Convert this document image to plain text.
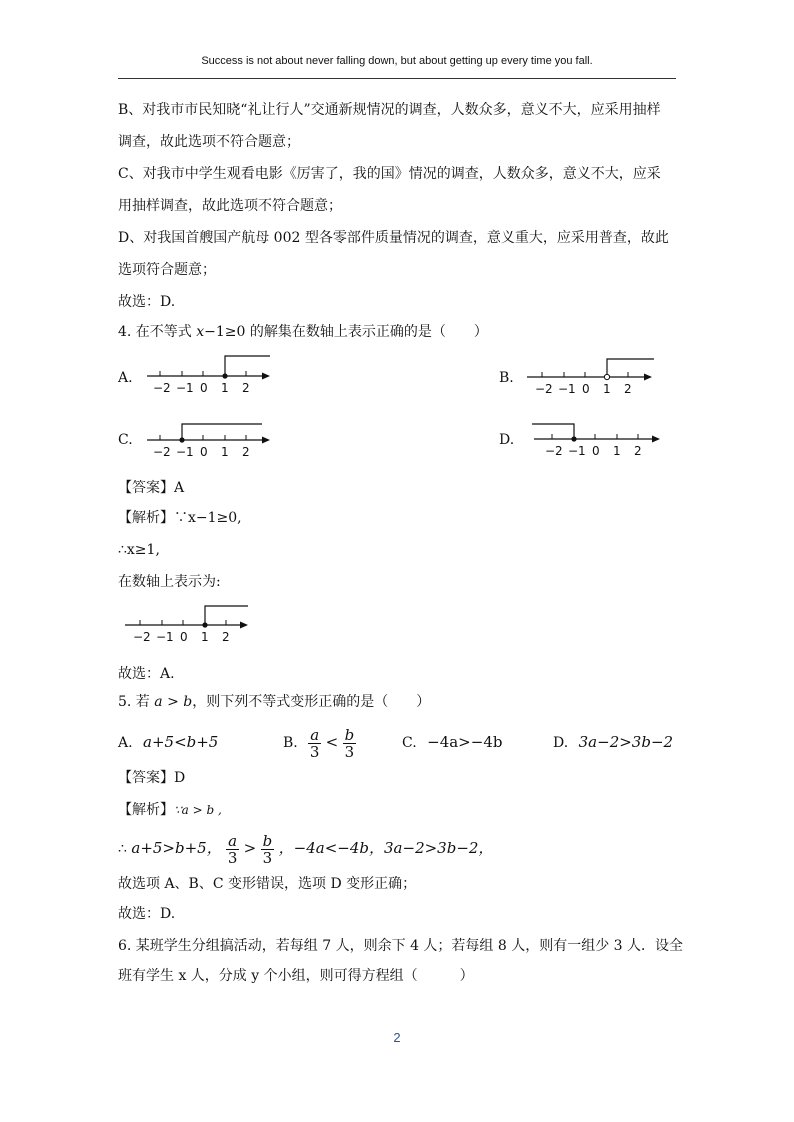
Success is not about never falling down, but about getting up every time you fall.
B、对我市市民知晓“礼让行人”交通新规情况的调查，人数众多，意义不大，应采用抽样
调查，故此选项不符合题意；
C、对我市中学生观看电影《厉害了，我的国》情况的调查，人数众多，意义不大，应采
用抽样调查，故此选项不符合题意；
D、对我国首艘国产航母 002 型各零部件质量情况的调查，意义重大，应采用普查，故此
选项符合题意；
故选：D.
4. 在不等式 x−1≥0 的解集在数轴上表示正确的是（　　）
A.
−2 −1 0 1 2
B.
−2 −1 0 1 2
C.
−2 −1 0 1 2
D.
−2 −1 0 1 2
【答案】A
【解析】∵x−1≥0,
∴x≥1,
在数轴上表示为:
−2 −1 0 1 2
故选：A.
5. 若 a > b，则下列不等式变形正确的是（　　）
A. a+5<b+5	B. $\frac{a}{3} < \frac{b}{3}$	C. −4a>−4b	D. 3a−2>3b−2
【答案】D
【解析】∵a > b ,
∴ a+5>b+5， $\frac{a}{3} > \frac{b}{3}$ ，−4a<−4b，3a−2>3b−2，
故选项 A、B、C 变形错误，选项 D 变形正确；
故选：D.
6. 某班学生分组搞活动，若每组 7 人，则余下 4 人；若每组 8 人，则有一组少 3 人．设全
班有学生 x 人，分成 y 个小组，则可得方程组（　　　）
2
